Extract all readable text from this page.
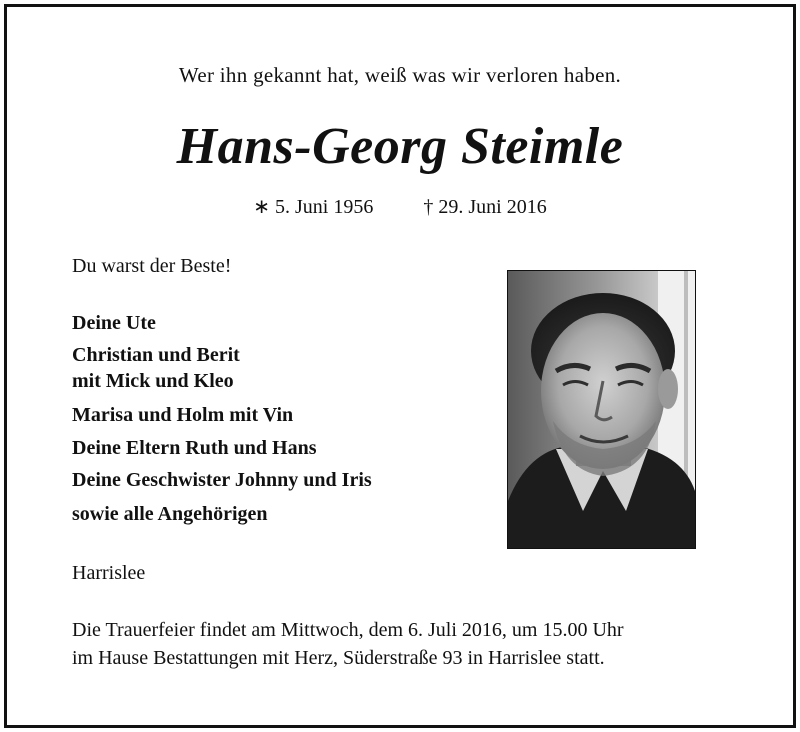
Wer ihn gekannt hat, weiß was wir verloren haben.
Hans-Georg Steimle
∗ 5. Juni 1956	† 29. Juni 2016
Du warst der Beste!
Deine Ute
Christian und Berit
mit Mick und Kleo
Marisa und Holm mit Vin
Deine Eltern Ruth und Hans
Deine Geschwister Johnny und Iris
sowie alle Angehörigen
Harrislee
Die Trauerfeier findet am Mittwoch, dem 6. Juli 2016, um 15.00 Uhr
im Hause Bestattungen mit Herz, Süderstraße 93 in Harrislee statt.
